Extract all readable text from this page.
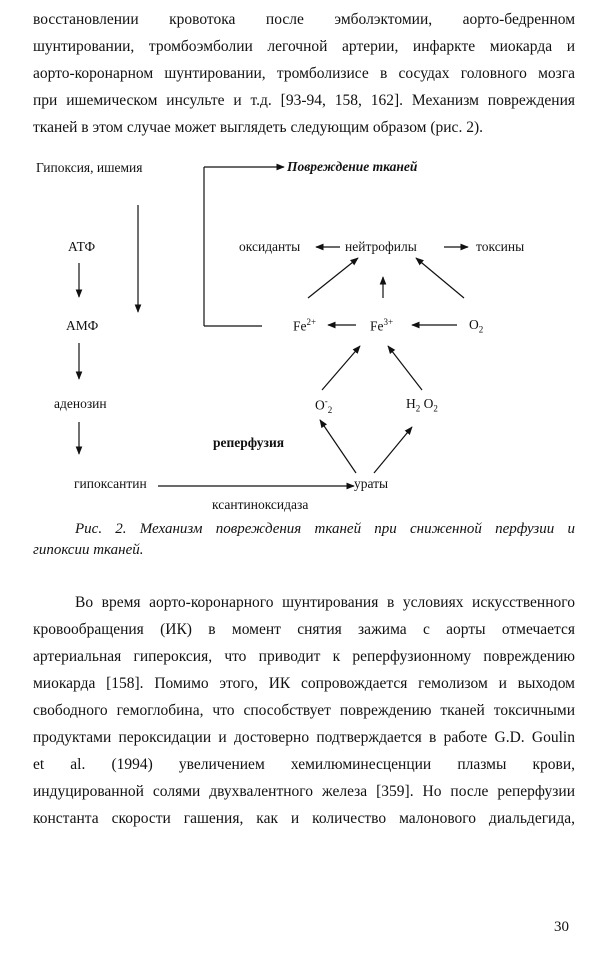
восстановлении кровотока после эмболэктомии, аорто-бедренном
шунтировании, тромбоэмболии легочной артерии, инфаркте миокарда и
аорто-коронарном шунтировании, тромболизисе в сосудах головного мозга
при ишемическом инсульте и т.д. [93-94, 158, 162]. Механизм повреждения
тканей в этом случае может выглядеть следующим образом (рис. 2).
Гипоксия, ишемия	Повреждение тканей
АТФ
АМФ
аденозин
гипоксантин
ксантиноксидаза
ураты
реперфузия
оксиданты	нейтрофилы	токсины
$Fe^{2+}$	$Fe^{3+}$	$O_2$
$O^-_2$	$H_2$ $O_2$
Рис. 2. Механизм повреждения тканей при сниженной перфузии и
гипоксии тканей.
Во время аорто-коронарного шунтирования в условиях искусственного
кровообращения (ИК) в момент снятия зажима с аорты отмечается
артериальная гипероксия, что приводит к реперфузионному повреждению
миокарда [158]. Помимо этого, ИК сопровождается гемолизом и выходом
свободного гемоглобина, что способствует повреждению тканей токсичными
продуктами пероксидации и достоверно подтверждается в работе G.D. Goulin
et al. (1994) увеличением хемилюминесценции плазмы крови,
индуцированной солями двухвалентного железа [359]. Но после реперфузии
константа скорости гашения, как и количество малонового диальдегида,
30
